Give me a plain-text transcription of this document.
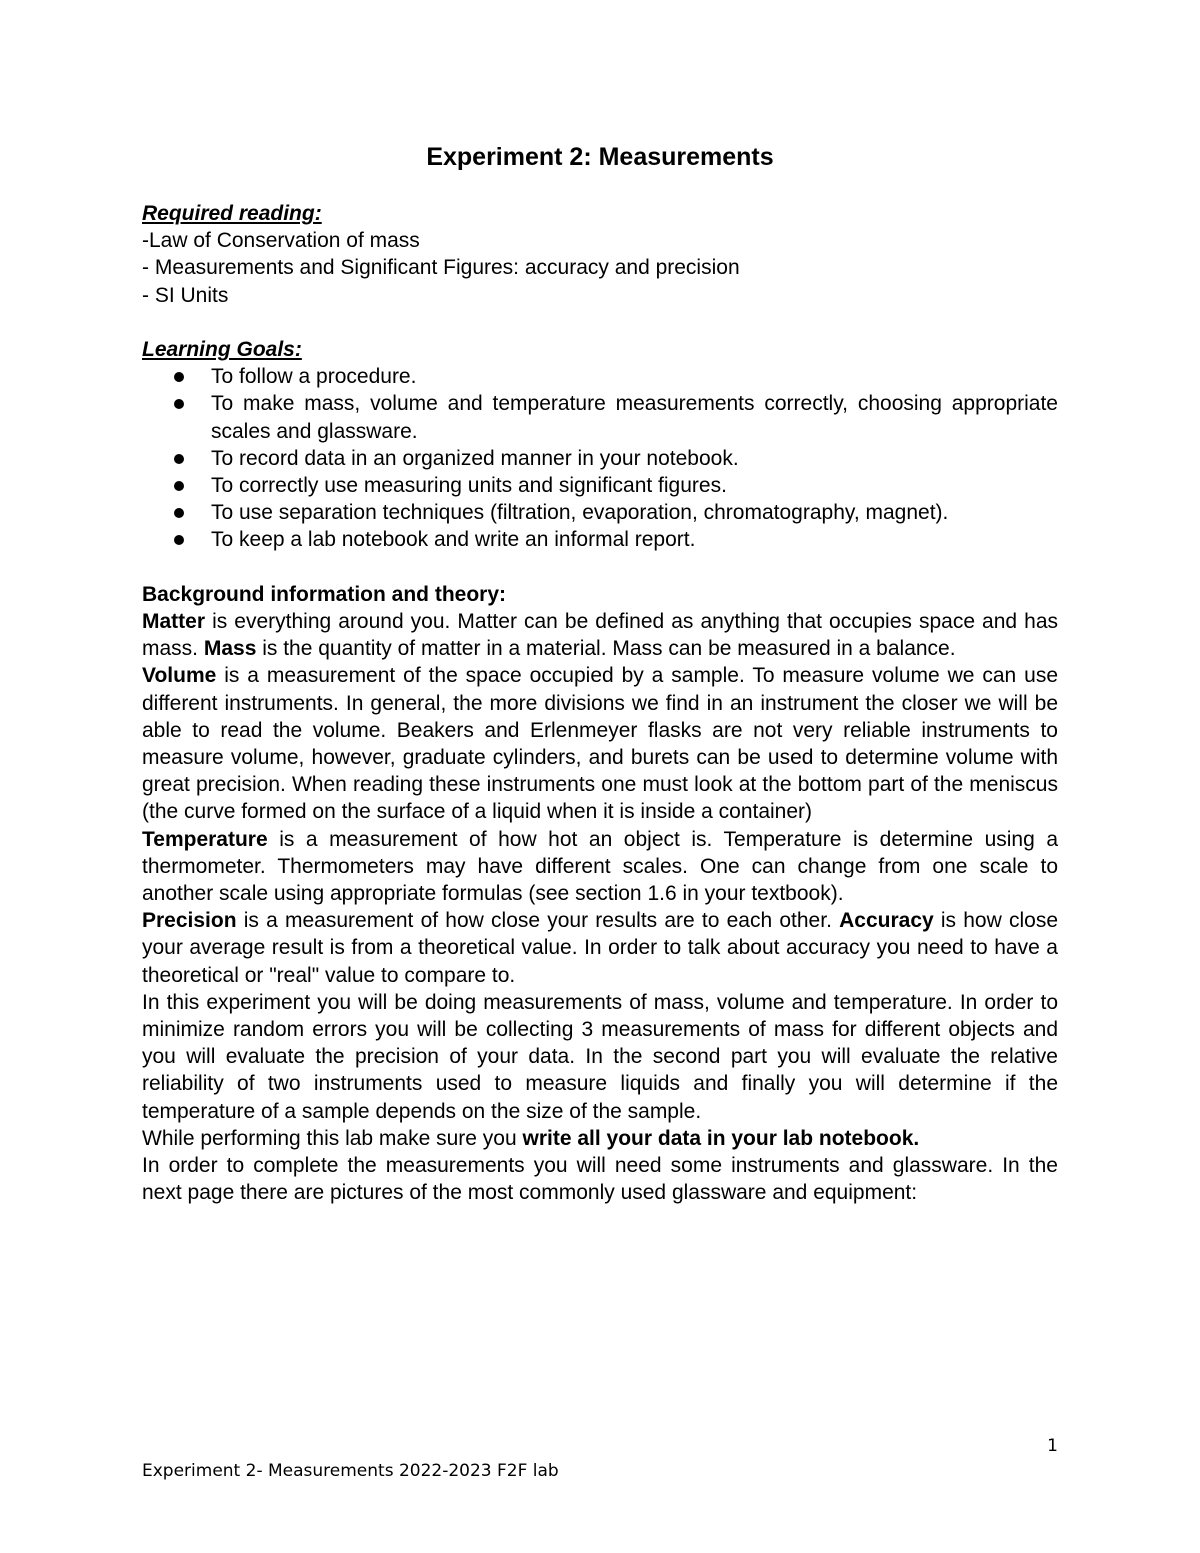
Experiment 2: Measurements

Required reading:

-Law of Conservation of mass

- Measurements and Significant Figures: accuracy and precision

- SI Units

Learning Goals:

To follow a procedure.
To make mass, volume and temperature measurements correctly, choosing appropriate scales and glassware.
To record data in an organized manner in your notebook.
To correctly use measuring units and significant figures.
To use separation techniques (filtration, evaporation, chromatography, magnet).
To keep a lab notebook and write an informal report.

Background information and theory:

Matter is everything around you. Matter can be defined as anything that occupies space and has mass. Mass is the quantity of matter in a material. Mass can be measured in a balance.

Volume is a measurement of the space occupied by a sample. To measure volume we can use different instruments. In general, the more divisions we find in an instrument the closer we will be able to read the volume. Beakers and Erlenmeyer flasks are not very reliable instruments to measure volume, however, graduate cylinders, and burets can be used to determine volume with great precision. When reading these instruments one must look at the bottom part of the meniscus (the curve formed on the surface of a liquid when it is inside a container)

Temperature is a measurement of how hot an object is. Temperature is determine using a thermometer. Thermometers may have different scales. One can change from one scale to another scale using appropriate formulas (see section 1.6 in your textbook).

Precision is a measurement of how close your results are to each other. Accuracy is how close your average result is from a theoretical value. In order to talk about accuracy you need to have a theoretical or "real" value to compare to.

In this experiment you will be doing measurements of mass, volume and temperature. In order to minimize random errors you will be collecting 3 measurements of mass for different objects and you will evaluate the precision of your data. In the second part you will evaluate the relative reliability of two instruments used to measure liquids and finally you will determine if the temperature of a sample depends on the size of the sample.

While performing this lab make sure you write all your data in your lab notebook.

In order to complete the measurements you will need some instruments and glassware. In the next page there are pictures of the most commonly used glassware and equipment:

1
Experiment 2- Measurements 2022-2023 F2F lab
